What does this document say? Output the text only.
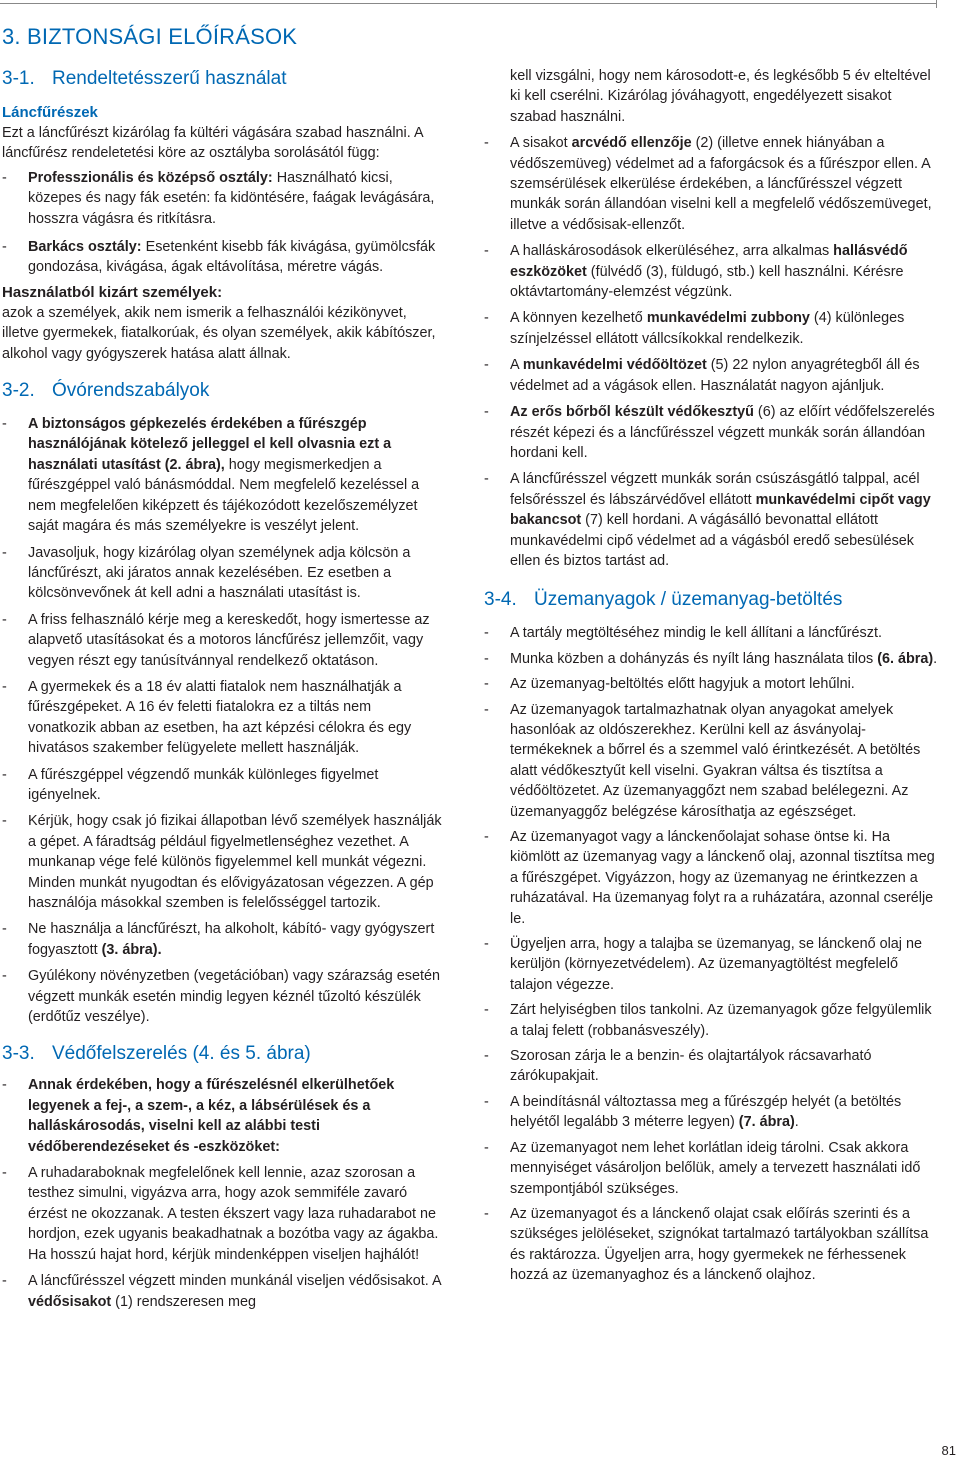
3. BIZTONSÁGI ELŐÍRÁSOK
3-1. Rendeltetésszerű használat
Láncfűrészek

Ezt a láncfűrészt kizárólag fa kültéri vágására szabad használni. A láncfűrész rendeletetési köre az osztályba sorolásától függ:

- Professzionális és középső osztály: Használható kicsi, közepes és nagy fák esetén: fa kidöntésére, faágak levágására, hosszra vágásra és ritkításra.
- Barkács osztály: Esetenként kisebb fák kivágása, gyümölcsfák gondozása, kivágása, ágak eltávolítása, méretre vágás.
Használatból kizárt személyek:

azok a személyek, akik nem ismerik a felhasználói kézikönyvet, illetve gyermekek, fiatalkorúak, és olyan személyek, akik kábítószer, alkohol vagy gyógyszerek hatása alatt állnak.

3-2. Óvórendszabályok
- A biztonságos gépkezelés érdekében a fűrészgép használójának kötelező jelleggel el kell olvasnia ezt a használati utasítást (2. ábra), hogy megismerkedjen a fűrészgéppel való bánásmóddal. Nem megfelelő kezeléssel a nem megfelelően kiképzett és tájékozódott kezelőszemélyzet saját magára és más személyekre is veszélyt jelent.
- Javasoljuk, hogy kizárólag olyan személynek adja kölcsön a láncfűrészt, aki járatos annak kezelésében. Ez esetben a kölcsönvevőnek át kell adni a használati utasítást is.
- A friss felhasználó kérje meg a kereskedőt, hogy ismertesse az alapvető utasításokat és a motoros láncfűrész jellemzőit, vagy vegyen részt egy tanúsítvánnyal rendelkező oktatáson.
- A gyermekek és a 18 év alatti fiatalok nem használhatják a fűrészgépeket. A 16 év feletti fiatalokra ez a tiltás nem vonatkozik abban az esetben, ha azt képzési célokra és egy hivatásos szakember felügyelete mellett használják.
- A fűrészgéppel végzendő munkák különleges figyelmet igényelnek.
- Kérjük, hogy csak jó fizikai állapotban lévő személyek használják a gépet. A fáradtság például figyelmetlenséghez vezethet. A munkanap vége felé különös figyelemmel kell munkát végezni. Minden munkát nyugodtan és elővigyázatosan végezzen. A gép használója másokkal szemben is felelősséggel tartozik.
- Ne használja a láncfűrészt, ha alkoholt, kábító- vagy gyógyszert fogyasztott (3. ábra).
- Gyúlékony növényzetben (vegetációban) vagy szárazság esetén végzett munkák esetén mindig legyen kéznél tűzoltó készülék (erdőtűz veszélye).
3-3. Védőfelszerelés (4. és 5. ábra)
- Annak érdekében, hogy a fűrészelésnél elkerülhetőek legyenek a fej-, a szem-, a kéz, a lábsérülések és a halláskárosodás, viselni kell az alábbi testi védőberendezéseket és -eszközöket:
- A ruhadaraboknak megfelelőnek kell lennie, azaz szorosan a testhez simulni, vigyázva arra, hogy azok semmiféle zavaró érzést ne okozzanak. A testen ékszert vagy laza ruhadarabot ne hordjon, ezek ugyanis beakadhatnak a bozótba vagy az ágakba. Ha hosszú hajat hord, kérjük mindenképpen viseljen hajhálót!
- A láncfűrésszel végzett minden munkánál viseljen védősisakot. A védősisakot (1) rendszeresen meg

kell vizsgálni, hogy nem károsodott-e, és legkésőbb 5 év elteltével ki kell cserélni. Kizárólag jóváhagyott, engedélyezett sisakot szabad használni.

- A sisakot arcvédő ellenzője (2) (illetve ennek hiányában a védőszemüveg) védelmet ad a faforgácsok és a fűrészpor ellen. A szemsérülések elkerülése érdekében, a láncfűrésszel végzett munkák során állandóan viselni kell a megfelelő védőszemüveget, illetve a védősisak-ellenzőt.
- A halláskárosodások elkerüléséhez, arra alkalmas hallásvédő eszközöket (fülvédő (3), füldugó, stb.) kell használni. Kérésre oktávtartomány-elemzést végzünk.
- A könnyen kezelhető munkavédelmi zubbony (4) különleges színjelzéssel ellátott vállcsíkokkal rendelkezik.
- A munkavédelmi védőöltözet (5) 22 nylon anyagrétegből áll és védelmet ad a vágások ellen. Használatát nagyon ajánljuk.
- Az erős bőrből készült védőkesztyű (6) az előírt védőfelszerelés részét képezi és a láncfűrésszel végzett munkák során állandóan hordani kell.
- A láncfűrésszel végzett munkák során csúszásgátló talppal, acél felsőrésszel és lábszárvédővel ellátott munkavédelmi cipőt vagy bakancsot (7) kell hordani. A vágásálló bevonattal ellátott munkavédelmi cipő védelmet ad a vágásból eredő sebesülések ellen és biztos tartást ad.
3-4. Üzemanyagok / üzemanyag-betöltés
- A tartály megtöltéséhez mindig le kell állítani a láncfűrészt.
- Munka közben a dohányzás és nyílt láng használata tilos (6. ábra).
- Az üzemanyag-beltöltés előtt hagyjuk a motort lehűlni.
- Az üzemanyagok tartalmazhatnak olyan anyagokat amelyek hasonlóak az oldószerekhez. Kerülni kell az ásványolaj-termékeknek a bőrrel és a szemmel való érintkezését. A betöltés alatt védőkesztyűt kell viselni. Gyakran váltsa és tisztítsa a védőöltözetet. Az üzemanyaggőzt nem szabad belélegezni. Az üzemanyaggőz belégzése károsíthatja az egészséget.
- Az üzemanyagot vagy a lánckenőolajat sohase öntse ki. Ha kiömlött az üzemanyag vagy a lánckenő olaj, azonnal tisztítsa meg a fűrészgépet. Vigyázzon, hogy az üzemanyag ne érintkezzen a ruházatával. Ha üzemanyag folyt ra a ruházatára, azonnal cserélje le.
- Ügyeljen arra, hogy a talajba se üzemanyag, se lánckenő olaj ne kerüljön (környezetvédelem). Az üzemanyagtöltést megfelelő talajon végezze.
- Zárt helyiségben tilos tankolni. Az üzemanyagok gőze felgyülemlik a talaj felett (robbanásveszély).
- Szorosan zárja le a benzin- és olajtartályok rácsavarható zárókupakjait.
- A beindításnál változtassa meg a fűrészgép helyét (a betöltés helyétől legalább 3 méterre legyen) (7. ábra).
- Az üzemanyagot nem lehet korlátlan ideig tárolni. Csak akkora mennyiséget vásároljon belőlük, amely a tervezett használati idő szempontjából szükséges.
- Az üzemanyagot és a lánckenő olajat csak előírás szerinti és a szükséges jelöléseket, szignókat tartalmazó tartályokban szállítsa és raktározza. Ügyeljen arra, hogy gyermekek ne férhessenek hozzá az üzemanyaghoz és a lánckenő olajhoz.
81
